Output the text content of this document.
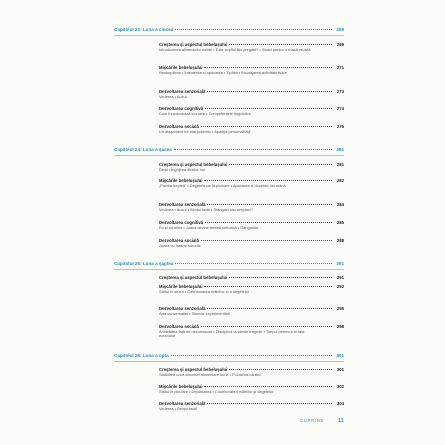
Capitolul 23: Luna a cincea	269
Creșterea și aspectul bebelușului	269
Introducerea alimentelor solide • Este copilul tău pregătit? • Statul pentru o masă reușită
Mișcările bebelușului	271
Rostogolirea • Întinderea și apucarea • Tipătul • Încurajarea activității fizice
Dezvoltarea senzorială	273
Vederea • Auzul
Dezvoltarea cognitivă	274
Cum funcționează lucrurile • Competențele lingvistice
Dezvoltarea socială	276
Un ataşament tot mai puternic • Apariţia personalităţii
Capitolul 24: Luna a şasea	281
Creşterea şi aspectul bebeluşului	281
Dinții • Îngrijirea dinților noi
Mişcările bebeluşului	282
„Poziția trepied” • Degetele de la picioare • Apucarea și ducerea din mână
Dezvoltarea senzorială	284
Vederea • Auzul • Simțul tactil • Stângaci sau dreptaci?
Dezvoltarea cognitivă	285
Eu și cu mine • Joaca devine treabă serioasă • Gânguritul
Dezvoltarea socială	288
Joaca cu frații și surorile
Capitolul 25: Luna a şaptea	291
Creşterea şi aspectul bebeluşului	291
Mişcările bebeluşului	292
Statul în șezut • Coordonarea mâinilor și a degetelor
Dezvoltarea senzorială	295
Arta conversației • Stimula experimentării
Dezvoltarea socială	298
Anxietatea față de necunoscuți • Disciplina la vârste fragede • Timpul petrecut în fața ecranului
Capitolul 26: Luna a opta	301
Creşterea şi aspectul bebeluşului	301
Stabilirea unor obiceiuri alimentare bune • Folosirea cănitei
Mişcările bebeluşului	302
Statul în picioare • Deplasarea • Coordonarea mâinilor și degetelor
Dezvoltarea senzorială	304
Vederea • Simțul tactil
CUPRINS	11
